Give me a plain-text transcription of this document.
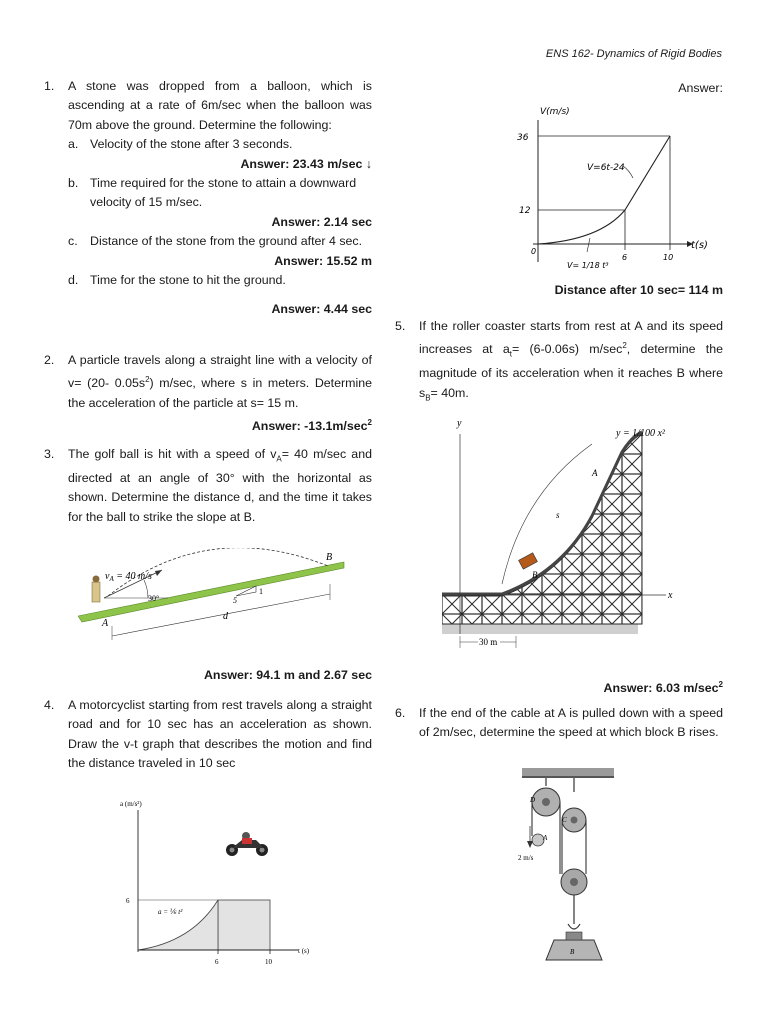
ENS 162- Dynamics of Rigid Bodies
1.	A stone was dropped from a balloon, which is ascending at a rate of 6m/sec when the balloon was 70m above the ground. Determine the following:
a. Velocity of the stone after 3 seconds.
Answer: 23.43 m/sec ↓
b. Time required for the stone to attain a downward velocity of 15 m/sec.
Answer: 2.14 sec
c. Distance of the stone from the ground after 4 sec.
Answer: 15.52 m
d. Time for the stone to hit the ground.
Answer: 4.44 sec
2.	A particle travels along a straight line with a velocity of v= (20- $0.05s^2$) m/sec, where s in meters. Determine the acceleration of the particle at s= 15 m.
Answer: $-13.1m/\sec^2$
3.	The golf ball is hit with a speed of $v_A= 40$ m/sec and directed at an angle of 30° with the horizontal as shown. Determine the distance d, and the time it takes for the ball to strike the slope at B.
$v_A = 40$ m/s
30°	5
1
d
A
B
Answer: 94.1 m and 2.67 sec
4.	A motorcyclist starting from rest travels along a straight road and for 10 sec has an acceleration as shown. Draw the v-t graph that describes the motion and find the distance traveled in 10 sec
a (m/s²)
t (s)
6
6	10
a = ⅙ t²
Answer:
V(m/s)
t(s)
36
12
0
6	10
V=6t-24
V= 1/18 t³
Distance after 10 sec= 114 m
5.	If the roller coaster starts from rest at A and its speed increases at $a_t= (6-0.06s)$ $m/\sec^2$, determine the magnitude of its acceleration when it reaches B where $s_B= 40m$.
y
x
y = 1/100 x²
A
B
s
30 m
Answer: 6.03 $m/\sec^2$
6.	If the end of the cable at A is pulled down with a speed of 2m/sec, determine the speed at which block B rises.
D
C
A
B
2 m/s
